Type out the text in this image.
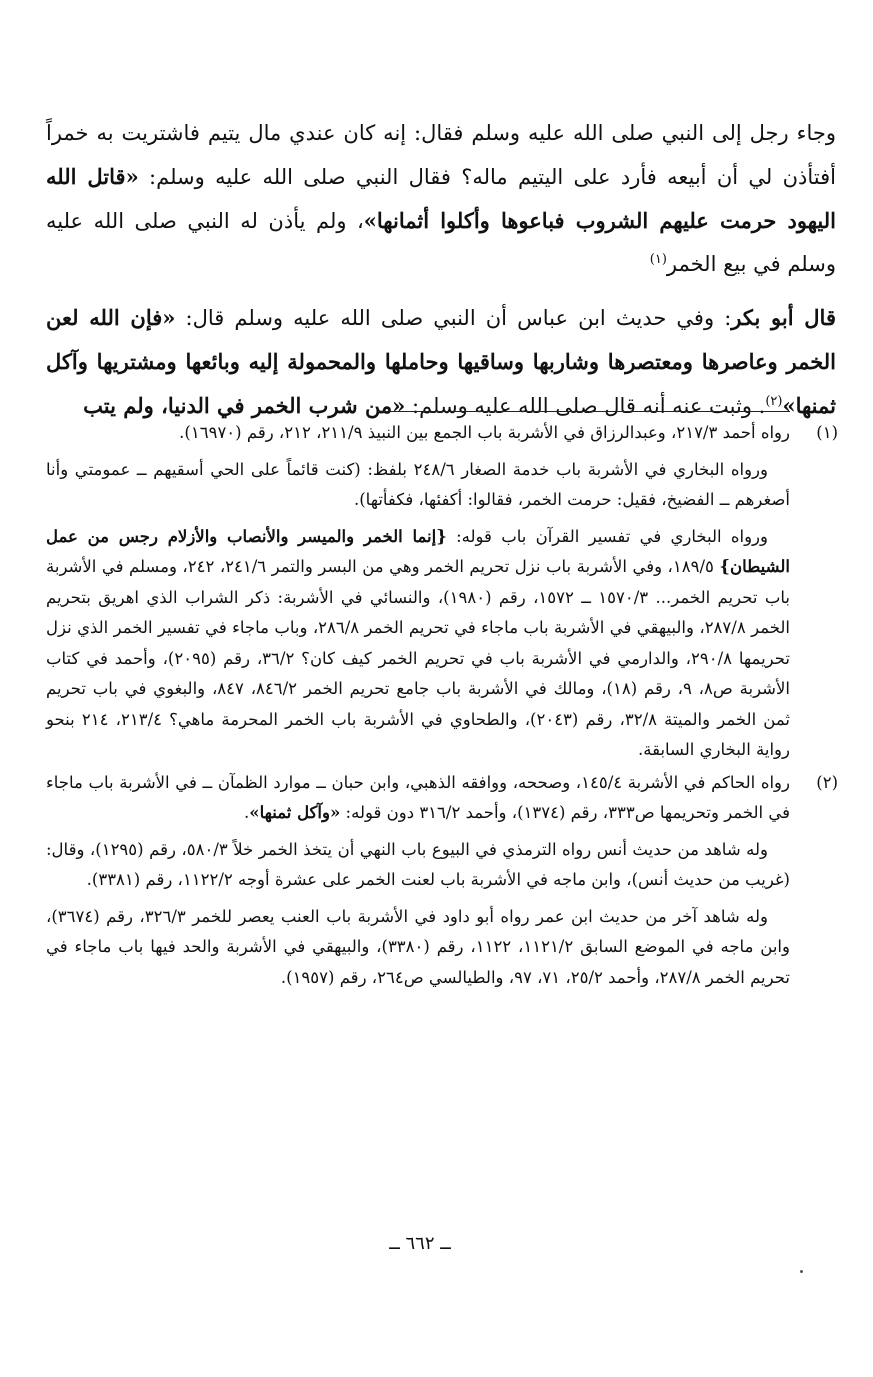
وجاء رجل إلى النبي صلى الله عليه وسلم فقال: إنه كان عندي مال يتيم فاشتريت به خمراً أفتأذن لي أن أبيعه فأرد على اليتيم ماله؟ فقال النبي صلى الله عليه وسلم: «قاتل الله اليهود حرمت عليهم الشروب فباعوها وأكلوا أثمانها»، ولم يأذن له النبي صلى الله عليه وسلم في بيع الخمر$^{(١)}$

قال أبو بكر: وفي حديث ابن عباس أن النبي صلى الله عليه وسلم قال: «فإن الله لعن الخمر وعاصرها ومعتصرها وشاربها وساقيها وحاملها والمحمولة إليه وبائعها ومشتريها وآكل ثمنها»$^{(٢)}$. وثبت عنه أنه قال صلى الله عليه وسلم: «من شرب الخمر في الدنيا، ولم يتب

(١)

رواه أحمد ٢١٧/٣، وعبدالرزاق في الأشربة باب الجمع بين النبيذ ٢١١/٩، ٢١٢، رقم (١٦٩٧٠).

ورواه البخاري في الأشربة باب خدمة الصغار ٢٤٨/٦ بلفظ: (كنت قائماً على الحي أسقيهم ــ عمومتي وأنا أصغرهم ــ الفضيخ، فقيل: حرمت الخمر، فقالوا: أكفئها، فكفأتها).

ورواه البخاري في تفسير القرآن باب قوله: {إنما الخمر والميسر والأنصاب والأزلام رجس من عمل الشيطان} ١٨٩/٥، وفي الأشربة باب نزل تحريم الخمر وهي من البسر والتمر ٢٤١/٦، ٢٤٢، ومسلم في الأشربة باب تحريم الخمر... ١٥٧٠/٣ ــ ١٥٧٢، رقم (١٩٨٠)، والنسائي في الأشربة: ذكر الشراب الذي اهريق بتحريم الخمر ٢٨٧/٨، والبيهقي في الأشربة باب ماجاء في تحريم الخمر ٢٨٦/٨، وباب ماجاء في تفسير الخمر الذي نزل تحريمها ٢٩٠/٨، والدارمي في الأشربة باب في تحريم الخمر كيف كان؟ ٣٦/٢، رقم (٢٠٩٥)، وأحمد في كتاب الأشربة ص٨، ٩، رقم (١٨)، ومالك في الأشربة باب جامع تحريم الخمر ٨٤٦/٢، ٨٤٧، والبغوي في باب تحريم ثمن الخمر والميتة ٣٢/٨، رقم (٢٠٤٣)، والطحاوي في الأشربة باب الخمر المحرمة ماهي؟ ٢١٣/٤، ٢١٤ بنحو رواية البخاري السابقة.

(٢)

رواه الحاكم في الأشربة ١٤٥/٤، وصححه، ووافقه الذهبي، وابن حبان ــ موارد الظمآن ــ في الأشربة باب ماجاء في الخمر وتحريمها ص٣٣٣، رقم (١٣٧٤)، وأحمد ٣١٦/٢ دون قوله: «وآكل ثمنها».

وله شاهد من حديث أنس رواه الترمذي في البيوع باب النهي أن يتخذ الخمر خلاً ٥٨٠/٣، رقم (١٢٩٥)، وقال: (غريب من حديث أنس)، وابن ماجه في الأشربة باب لعنت الخمر على عشرة أوجه ١١٢٢/٢، رقم (٣٣٨١).

وله شاهد آخر من حديث ابن عمر رواه أبو داود في الأشربة باب العنب يعصر للخمر ٣٢٦/٣، رقم (٣٦٧٤)، وابن ماجه في الموضع السابق ١١٢١/٢، ١١٢٢، رقم (٣٣٨٠)، والبيهقي في الأشربة والحد فيها باب ماجاء في تحريم الخمر ٢٨٧/٨، وأحمد ٢٥/٢، ٧١، ٩٧، والطيالسي ص٢٦٤، رقم (١٩٥٧).

ــ ٦٦٢ ــ
